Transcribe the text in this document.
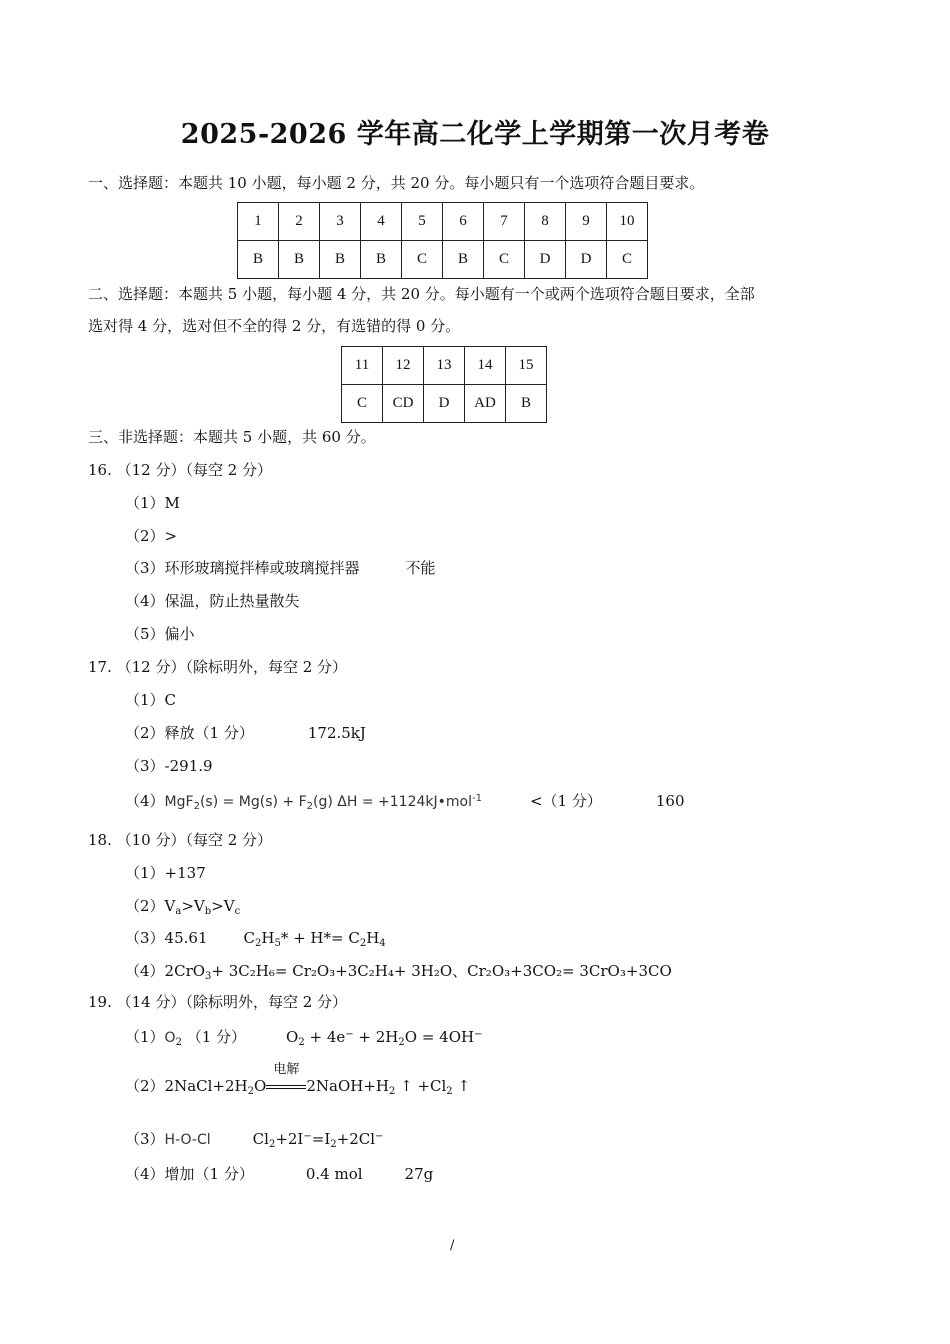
2025-2026 学年高二化学上学期第一次月考卷
一、选择题：本题共 10 小题，每小题 2 分，共 20 分。每小题只有一个选项符合题目要求。
1	2	3	4	5	6	7	8	9	10
B	B	B	B	C	B	C	D	D	C
二、选择题：本题共 5 小题，每小题 4 分，共 20 分。每小题有一个或两个选项符合题目要求，全部
选对得 4 分，选对但不全的得 2 分，有选错的得 0 分。
11	12	13	14	15
C	CD	D	AD	B
三、非选择题：本题共 5 小题，共 60 分。
16. （12 分）（每空 2 分）
（1）M
（2）>
（3）环形玻璃搅拌棒或玻璃搅拌器	不能
（4）保温，防止热量散失
（5）偏小
17. （12 分）（除标明外，每空 2 分）
（1）C
（2）释放（1 分）	172.5kJ
（3）-291.9
$(4)MgF_2(s) = Mg(s) + F_2(g) \Delta H$ = +1124kJ•mol$^{-1}$	<（1 分）	160
18. （10 分）（每空 2 分）
（1）+137
$(2)V_a>V_b>V_c$
（3）45.61 $C_2H_5* + H*= C_2H_4$
（4）2CrO$_3$+ 3C₂H₆= Cr₂O₃+3C₂H₄+ 3H₂O、Cr₂O₃+3CO₂= 3CrO₃+3CO
19. （14 分）（除标明外，每空 2 分）
$(1)O_2$ （1 分）	$O_2 + 4e^- + 2H_2O = 4OH^-$
$(2)2NaCl+2H_2O$
电解
$2NaOH+H_2$ ↑ $+Cl_2$ ↑
（3）H-O-Cl	$Cl_2+2I^-=I_2+2Cl^-$
（4）增加（1 分）	0.4 mol	27g
/
